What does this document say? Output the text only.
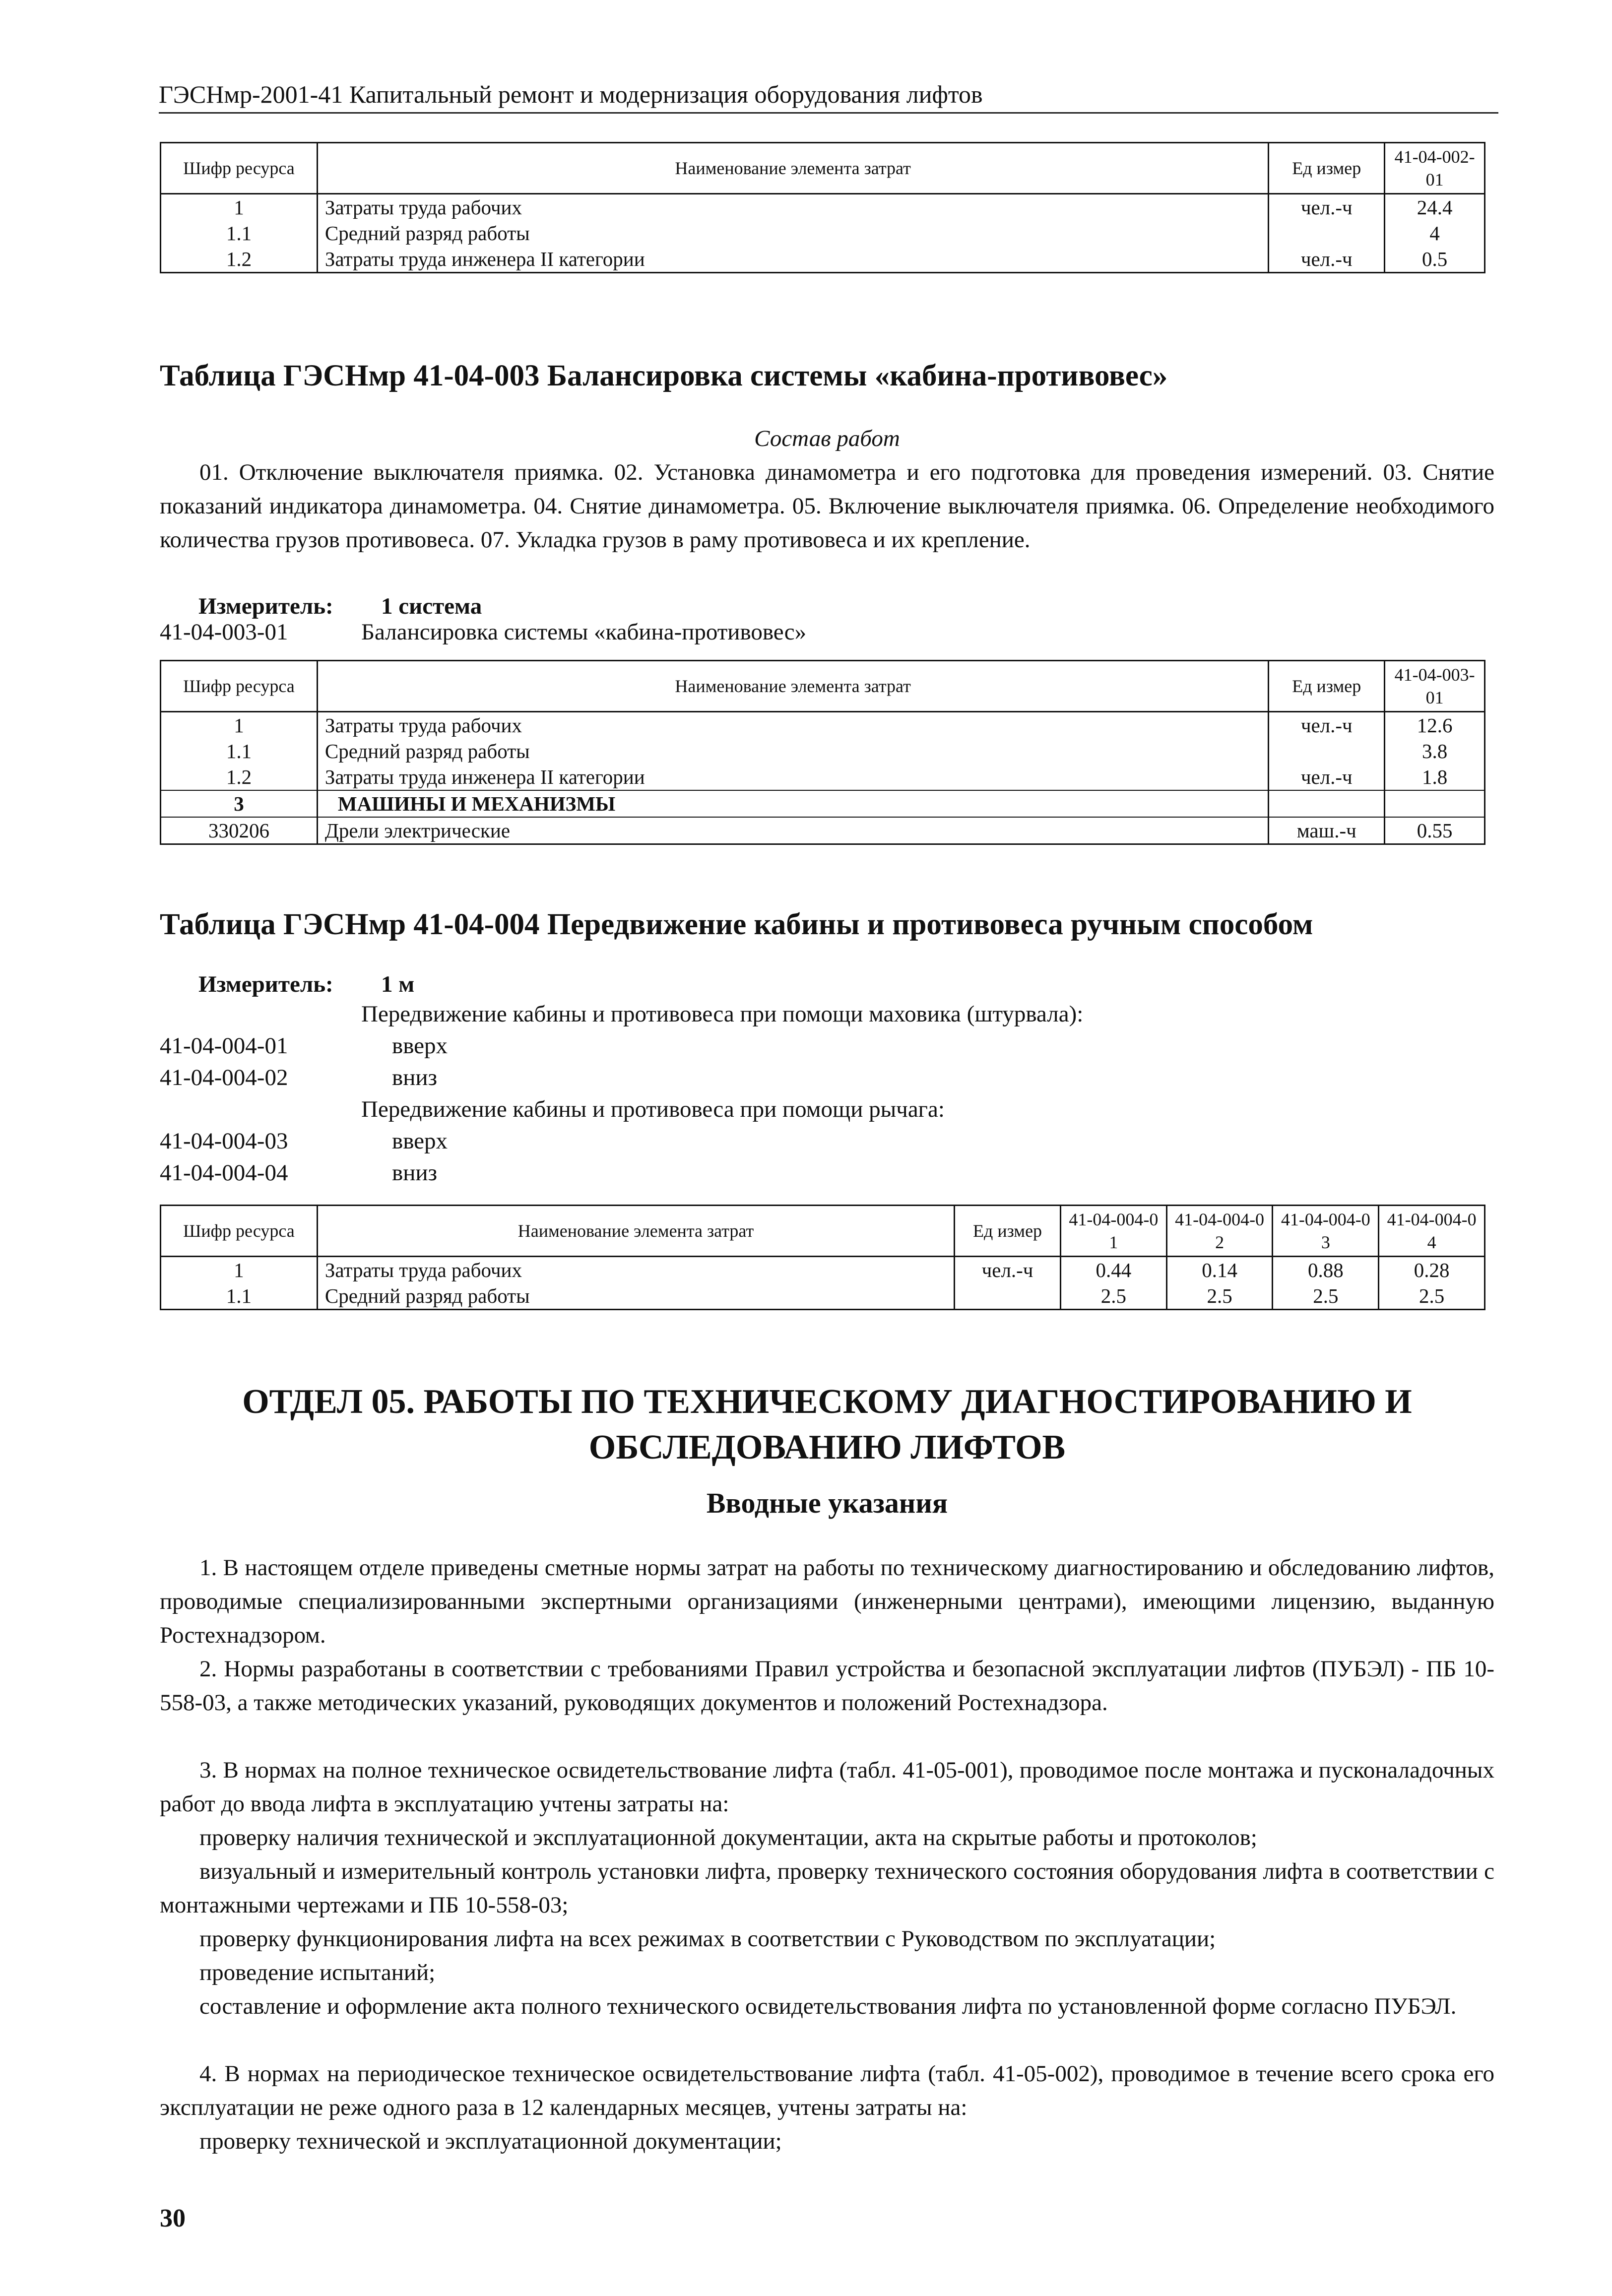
ГЭСНмр-2001-41 Капитальный ремонт и модернизация оборудования лифтов
Шифр ресурса	Наименование элемента затрат	Ед измер	41-04-002-01
1	Затраты труда рабочих	чел.-ч	24.4
1.1	Средний разряд работы		4
1.2	Затраты труда инженера II категории	чел.-ч	0.5
Таблица ГЭСНмр 41-04-003 Балансировка системы «кабина-противовес»
Состав работ
01. Отключение выключателя приямка. 02. Установка динамометра и его подготовка для проведения измерений. 03. Снятие показаний индикатора динамометра. 04. Снятие динамометра. 05. Включение выключателя приямка. 06. Определение необходимого количества грузов противовеса. 07. Укладка грузов в раму противовеса и их крепление.
Измеритель: 1 система
41-04-003-01	Балансировка системы «кабина-противовес»
Шифр ресурса	Наименование элемента затрат	Ед измер	41-04-003-01
1	Затраты труда рабочих	чел.-ч	12.6
1.1	Средний разряд работы		3.8
1.2	Затраты труда инженера II категории	чел.-ч	1.8
3	МАШИНЫ И МЕХАНИЗМЫ		
330206	Дрели электрические	маш.-ч	0.55
Таблица ГЭСНмр 41-04-004 Передвижение кабины и противовеса ручным способом
Измеритель: 1 м
Передвижение кабины и противовеса при помощи маховика (штурвала):
41-04-004-01	вверх
41-04-004-02	вниз
Передвижение кабины и противовеса при помощи рычага:
41-04-004-03	вверх
41-04-004-04	вниз
Шифр ресурса	Наименование элемента затрат	Ед измер	41-04-004-01	41-04-004-02	41-04-004-03	41-04-004-04
1	Затраты труда рабочих	чел.-ч	0.44	0.14	0.88	0.28
1.1	Средний разряд работы		2.5	2.5	2.5	2.5
ОТДЕЛ 05. РАБОТЫ ПО ТЕХНИЧЕСКОМУ ДИАГНОСТИРОВАНИЮ И
ОБСЛЕДОВАНИЮ ЛИФТОВ
Вводные указания
1. В настоящем отделе приведены сметные нормы затрат на работы по техническому диагностированию и обследованию лифтов, проводимые специализированными экспертными организациями (инженерными центрами), имеющими лицензию, выданную Ростехнадзором.
2. Нормы разработаны в соответствии с требованиями Правил устройства и безопасной эксплуатации лифтов (ПУБЭЛ) - ПБ 10-558-03, а также методических указаний, руководящих документов и положений Ростехнадзора.
3. В нормах на полное техническое освидетельствование лифта (табл. 41-05-001), проводимое после монтажа и пусконаладочных работ до ввода лифта в эксплуатацию учтены затраты на:
проверку наличия технической и эксплуатационной документации, акта на скрытые работы и протоколов;
визуальный и измерительный контроль установки лифта, проверку технического состояния оборудования лифта в соответствии с монтажными чертежами и ПБ 10-558-03;
проверку функционирования лифта на всех режимах в соответствии с Руководством по эксплуатации;
проведение испытаний;
составление и оформление акта полного технического освидетельствования лифта по установленной форме согласно ПУБЭЛ.
4. В нормах на периодическое техническое освидетельствование лифта (табл. 41-05-002), проводимое в течение всего срока его эксплуатации не реже одного раза в 12 календарных месяцев, учтены затраты на:
проверку технической и эксплуатационной документации;
30
